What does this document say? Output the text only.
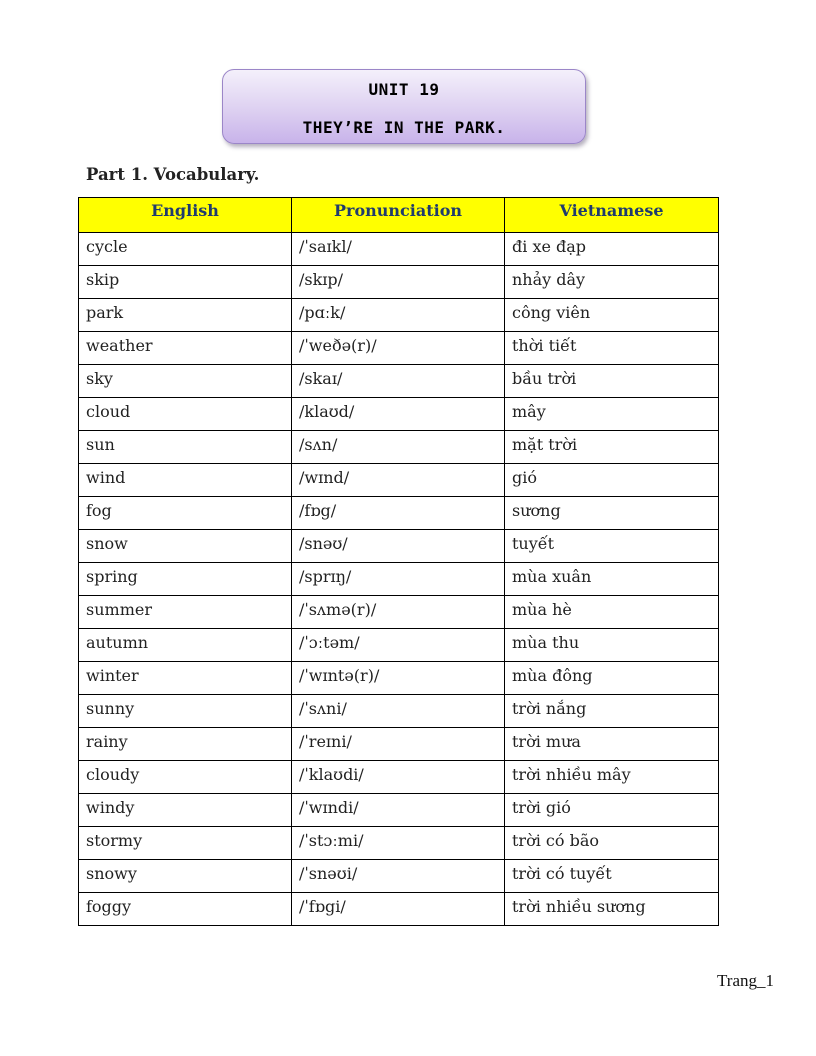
UNIT 19
THEY’RE IN THE PARK.
Part 1. Vocabulary.
English	Pronunciation	Vietnamese
cycle	/ˈsaɪkl/	đi xe đạp
skip	/skɪp/	nhảy dây
park	/pɑːk/	công viên
weather	/ˈweðə(r)/	thời tiết
sky	/skaɪ/	bầu trời
cloud	/klaʊd/	mây
sun	/sʌn/	mặt trời
wind	/wɪnd/	gió
fog	/fɒg/	sương
snow	/snəʊ/	tuyết
spring	/sprɪŋ/	mùa xuân
summer	/ˈsʌmə(r)/	mùa hè
autumn	/ˈɔːtəm/	mùa thu
winter	/ˈwɪntə(r)/	mùa đông
sunny	/ˈsʌni/	trời nắng
rainy	/ˈreɪni/	trời mưa
cloudy	/ˈklaʊdi/	trời nhiều mây
windy	/ˈwɪndi/	trời gió
stormy	/ˈstɔːmi/	trời có bão
snowy	/ˈsnəʊi/	trời có tuyết
foggy	/ˈfɒgi/	trời nhiều sương
Trang_1
